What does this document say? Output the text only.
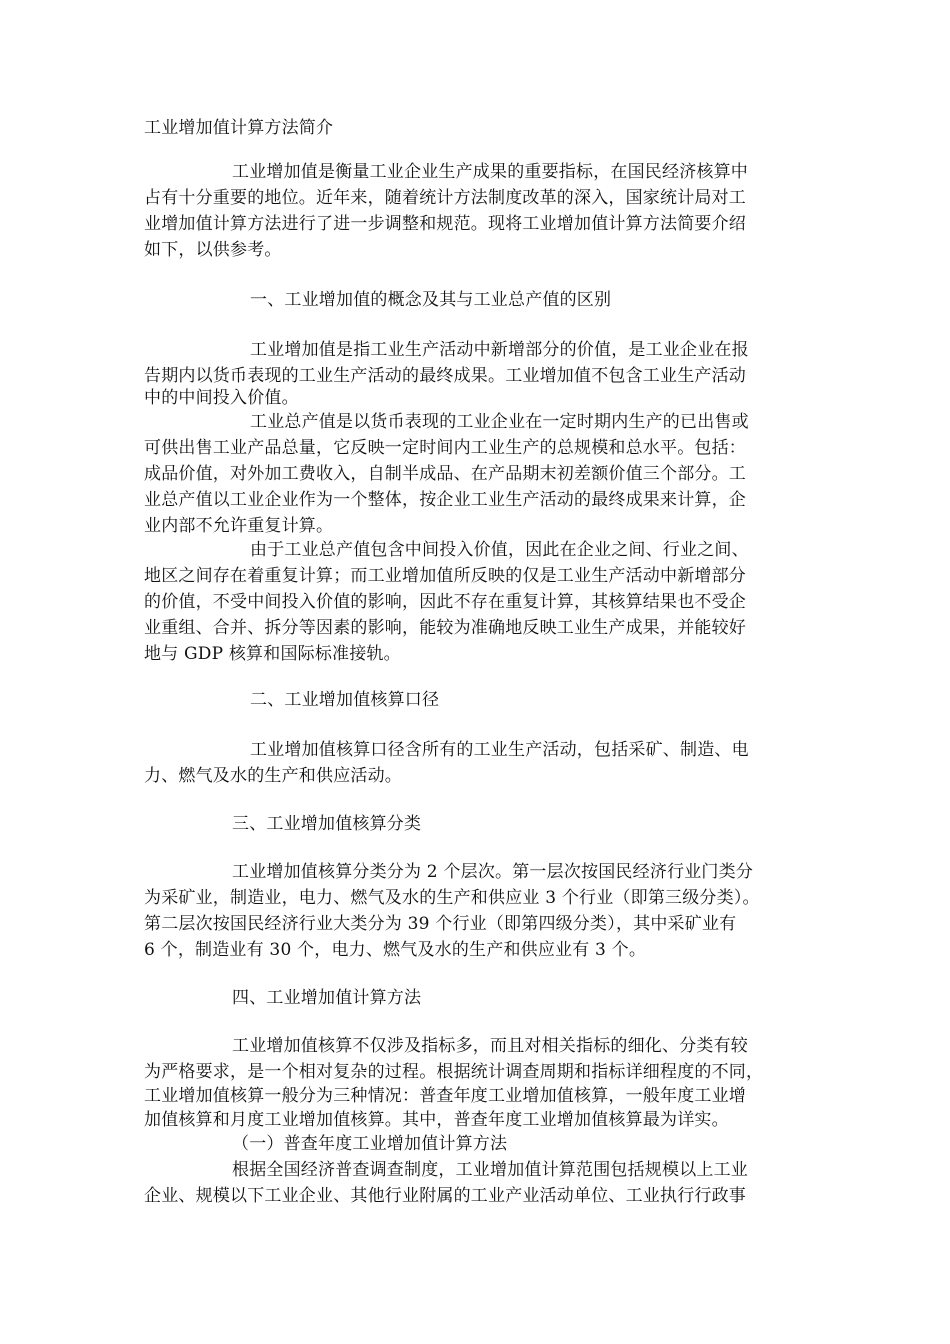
工业增加值计算方法简介
工业增加值是衡量工业企业生产成果的重要指标，在国民经济核算中
占有十分重要的地位。近年来，随着统计方法制度改革的深入，国家统计局对工
业增加值计算方法进行了进一步调整和规范。现将工业增加值计算方法简要介绍
如下，以供参考。
一、工业增加值的概念及其与工业总产值的区别
工业增加值是指工业生产活动中新增部分的价值，是工业企业在报
告期内以货币表现的工业生产活动的最终成果。工业增加值不包含工业生产活动
中的中间投入价值。
工业总产值是以货币表现的工业企业在一定时期内生产的已出售或
可供出售工业产品总量，它反映一定时间内工业生产的总规模和总水平。包括：
成品价值，对外加工费收入，自制半成品、在产品期末初差额价值三个部分。工
业总产值以工业企业作为一个整体，按企业工业生产活动的最终成果来计算，企
业内部不允许重复计算。
由于工业总产值包含中间投入价值，因此在企业之间、行业之间、
地区之间存在着重复计算；而工业增加值所反映的仅是工业生产活动中新增部分
的价值，不受中间投入价值的影响，因此不存在重复计算，其核算结果也不受企
业重组、合并、拆分等因素的影响，能较为准确地反映工业生产成果，并能较好
地与 GDP 核算和国际标准接轨。
二、工业增加值核算口径
工业增加值核算口径含所有的工业生产活动，包括采矿、制造、电
力、燃气及水的生产和供应活动。
三、工业增加值核算分类
工业增加值核算分类分为 2 个层次。第一层次按国民经济行业门类分
为采矿业，制造业，电力、燃气及水的生产和供应业 3 个行业（即第三级分类）。
第二层次按国民经济行业大类分为 39 个行业（即第四级分类），其中采矿业有
6 个，制造业有 30 个，电力、燃气及水的生产和供应业有 3 个。
四、工业增加值计算方法
工业增加值核算不仅涉及指标多，而且对相关指标的细化、分类有较
为严格要求，是一个相对复杂的过程。根据统计调查周期和指标详细程度的不同，
工业增加值核算一般分为三种情况：普查年度工业增加值核算，一般年度工业增
加值核算和月度工业增加值核算。其中，普查年度工业增加值核算最为详实。
（一）普查年度工业增加值计算方法
根据全国经济普查调查制度，工业增加值计算范围包括规模以上工业
企业、规模以下工业企业、其他行业附属的工业产业活动单位、工业执行行政事
